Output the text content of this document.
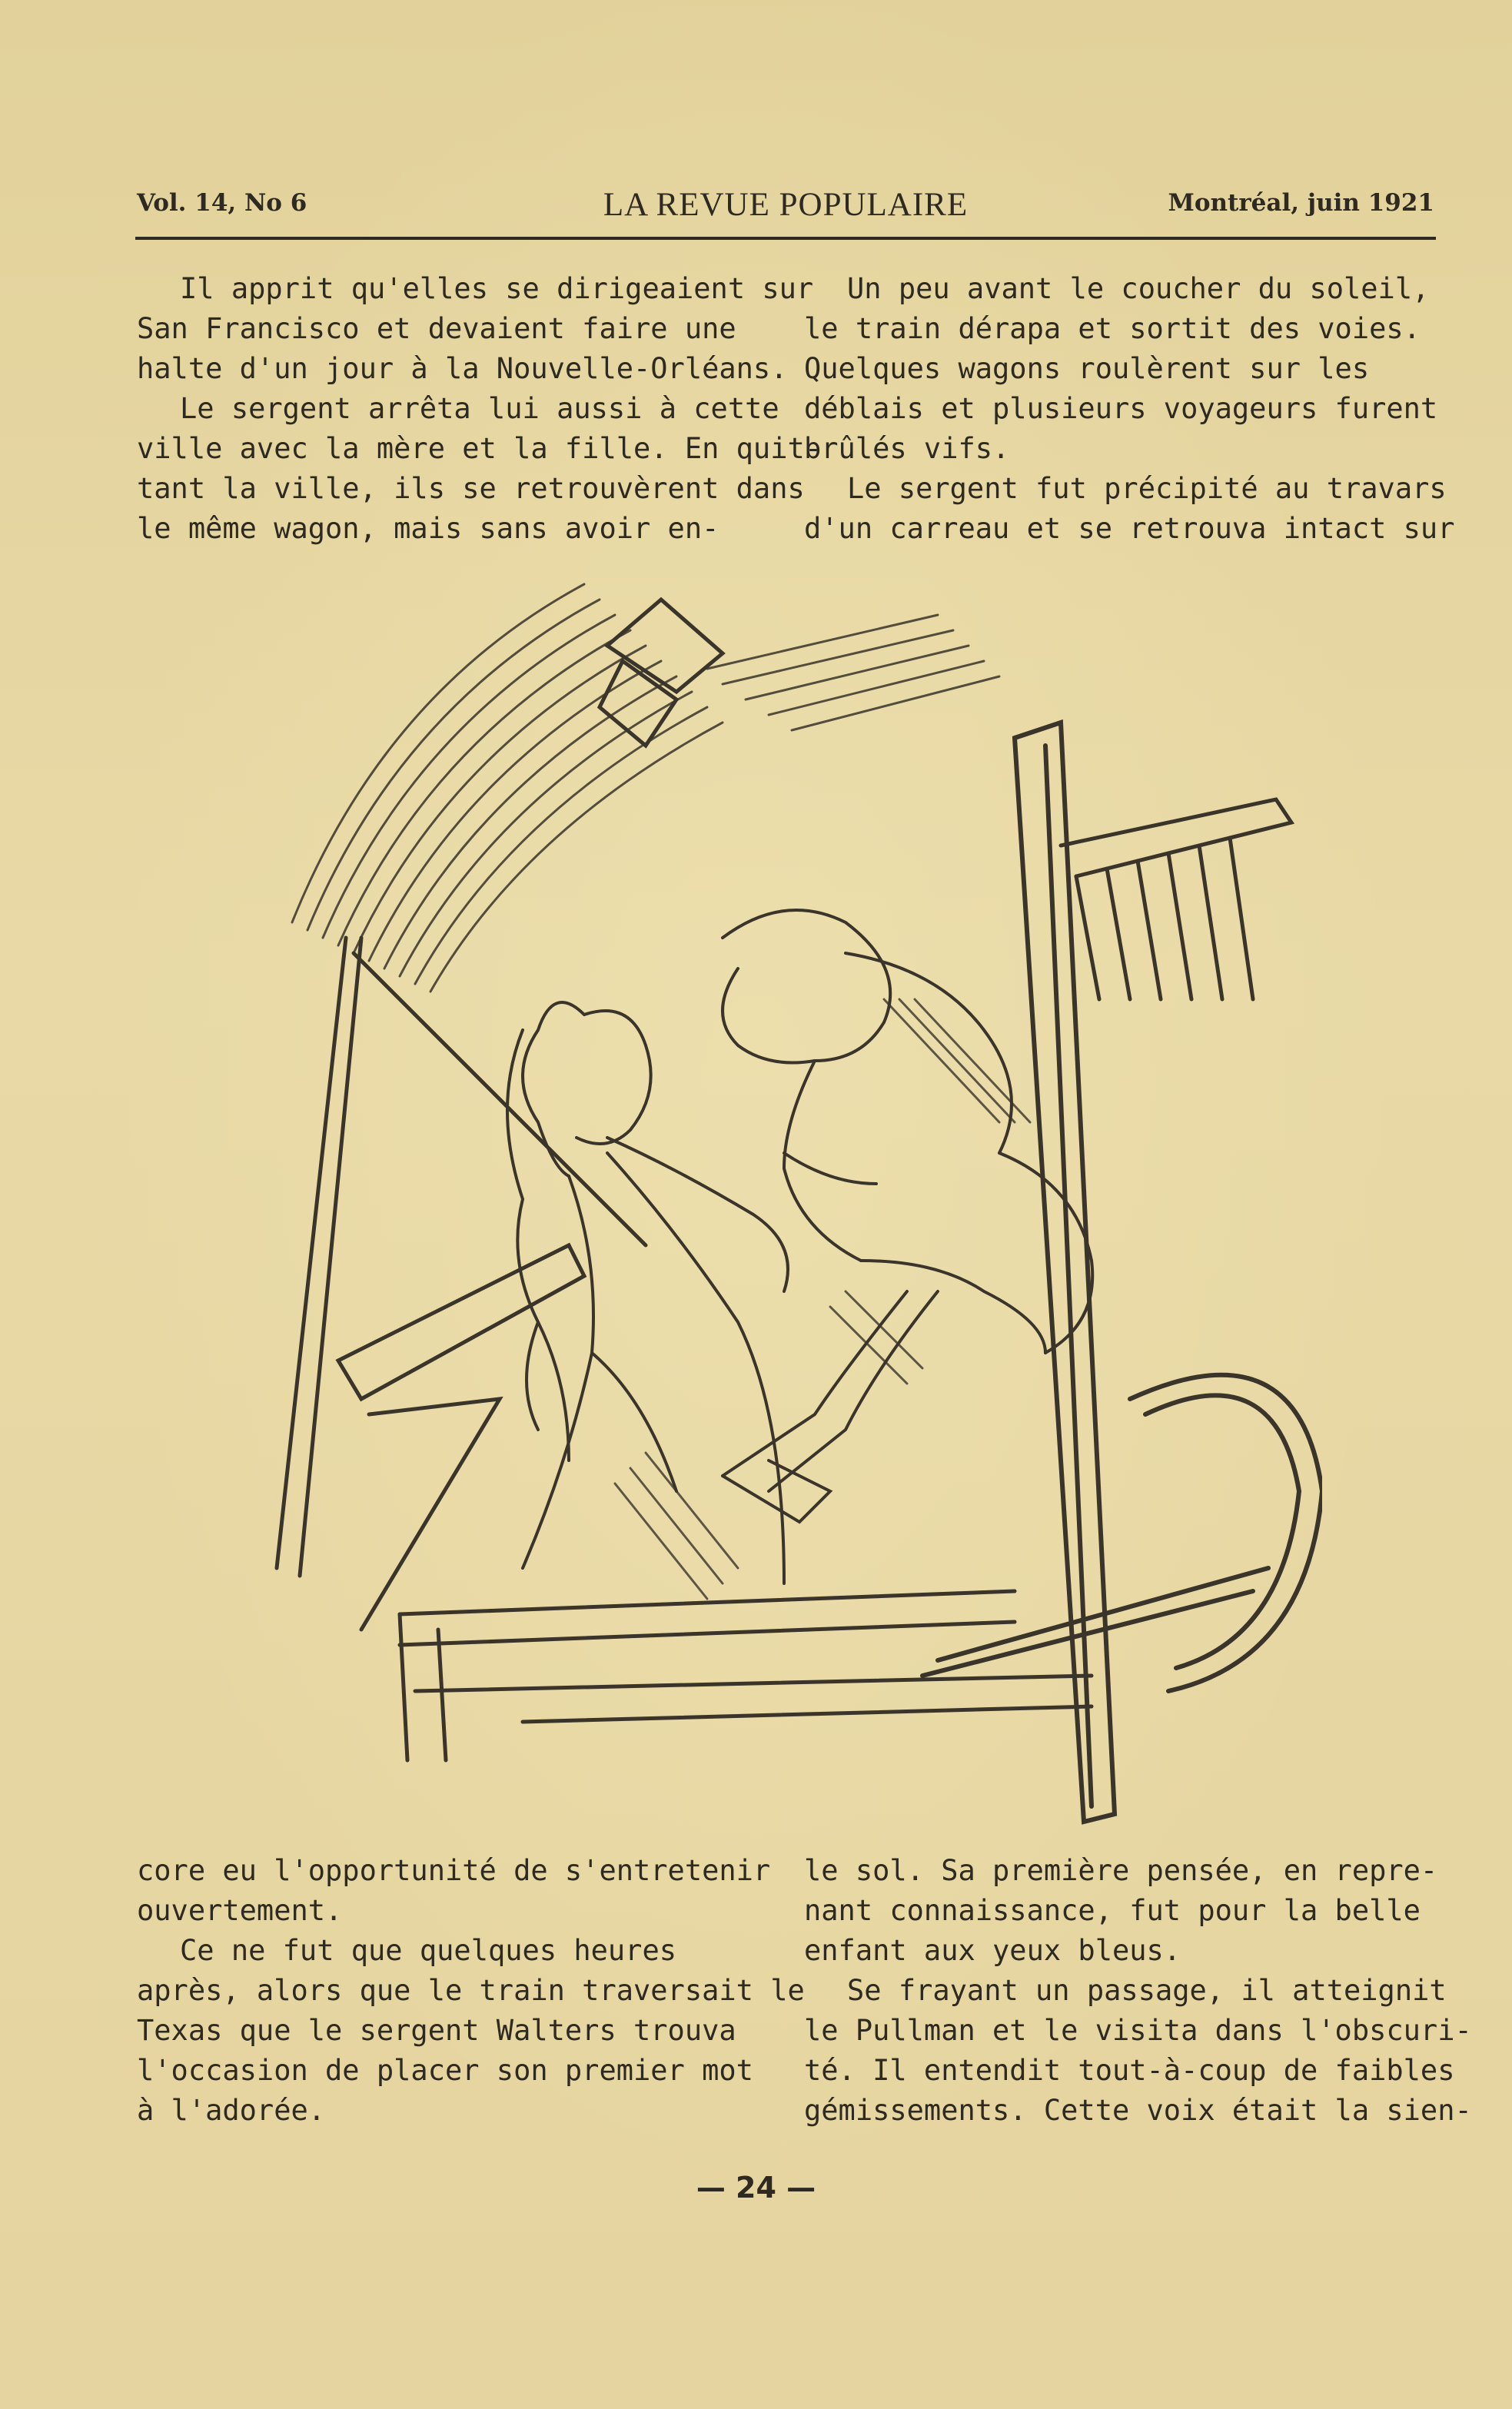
Vol. 14, No 6	LA REVUE POPULAIRE	Montréal, juin 1921
Il apprit qu'elles se dirigeaient sur
San Francisco et devaient faire une
halte d'un jour à la Nouvelle-Orléans.
Le sergent arrêta lui aussi à cette
ville avec la mère et la fille. En quit-
tant la ville, ils se retrouvèrent dans
le même wagon, mais sans avoir en-
Un peu avant le coucher du soleil,
le train dérapa et sortit des voies.
Quelques wagons roulèrent sur les
déblais et plusieurs voyageurs furent
brûlés vifs.
Le sergent fut précipité au travars
d'un carreau et se retrouva intact sur
core eu l'opportunité de s'entretenir
ouvertement.
Ce ne fut que quelques heures
après, alors que le train traversait le
Texas que le sergent Walters trouva
l'occasion de placer son premier mot
à l'adorée.
le sol. Sa première pensée, en repre-
nant connaissance, fut pour la belle
enfant aux yeux bleus.
Se frayant un passage, il atteignit
le Pullman et le visita dans l'obscuri-
té. Il entendit tout-à-coup de faibles
gémissements. Cette voix était la sien-
— 24 —
